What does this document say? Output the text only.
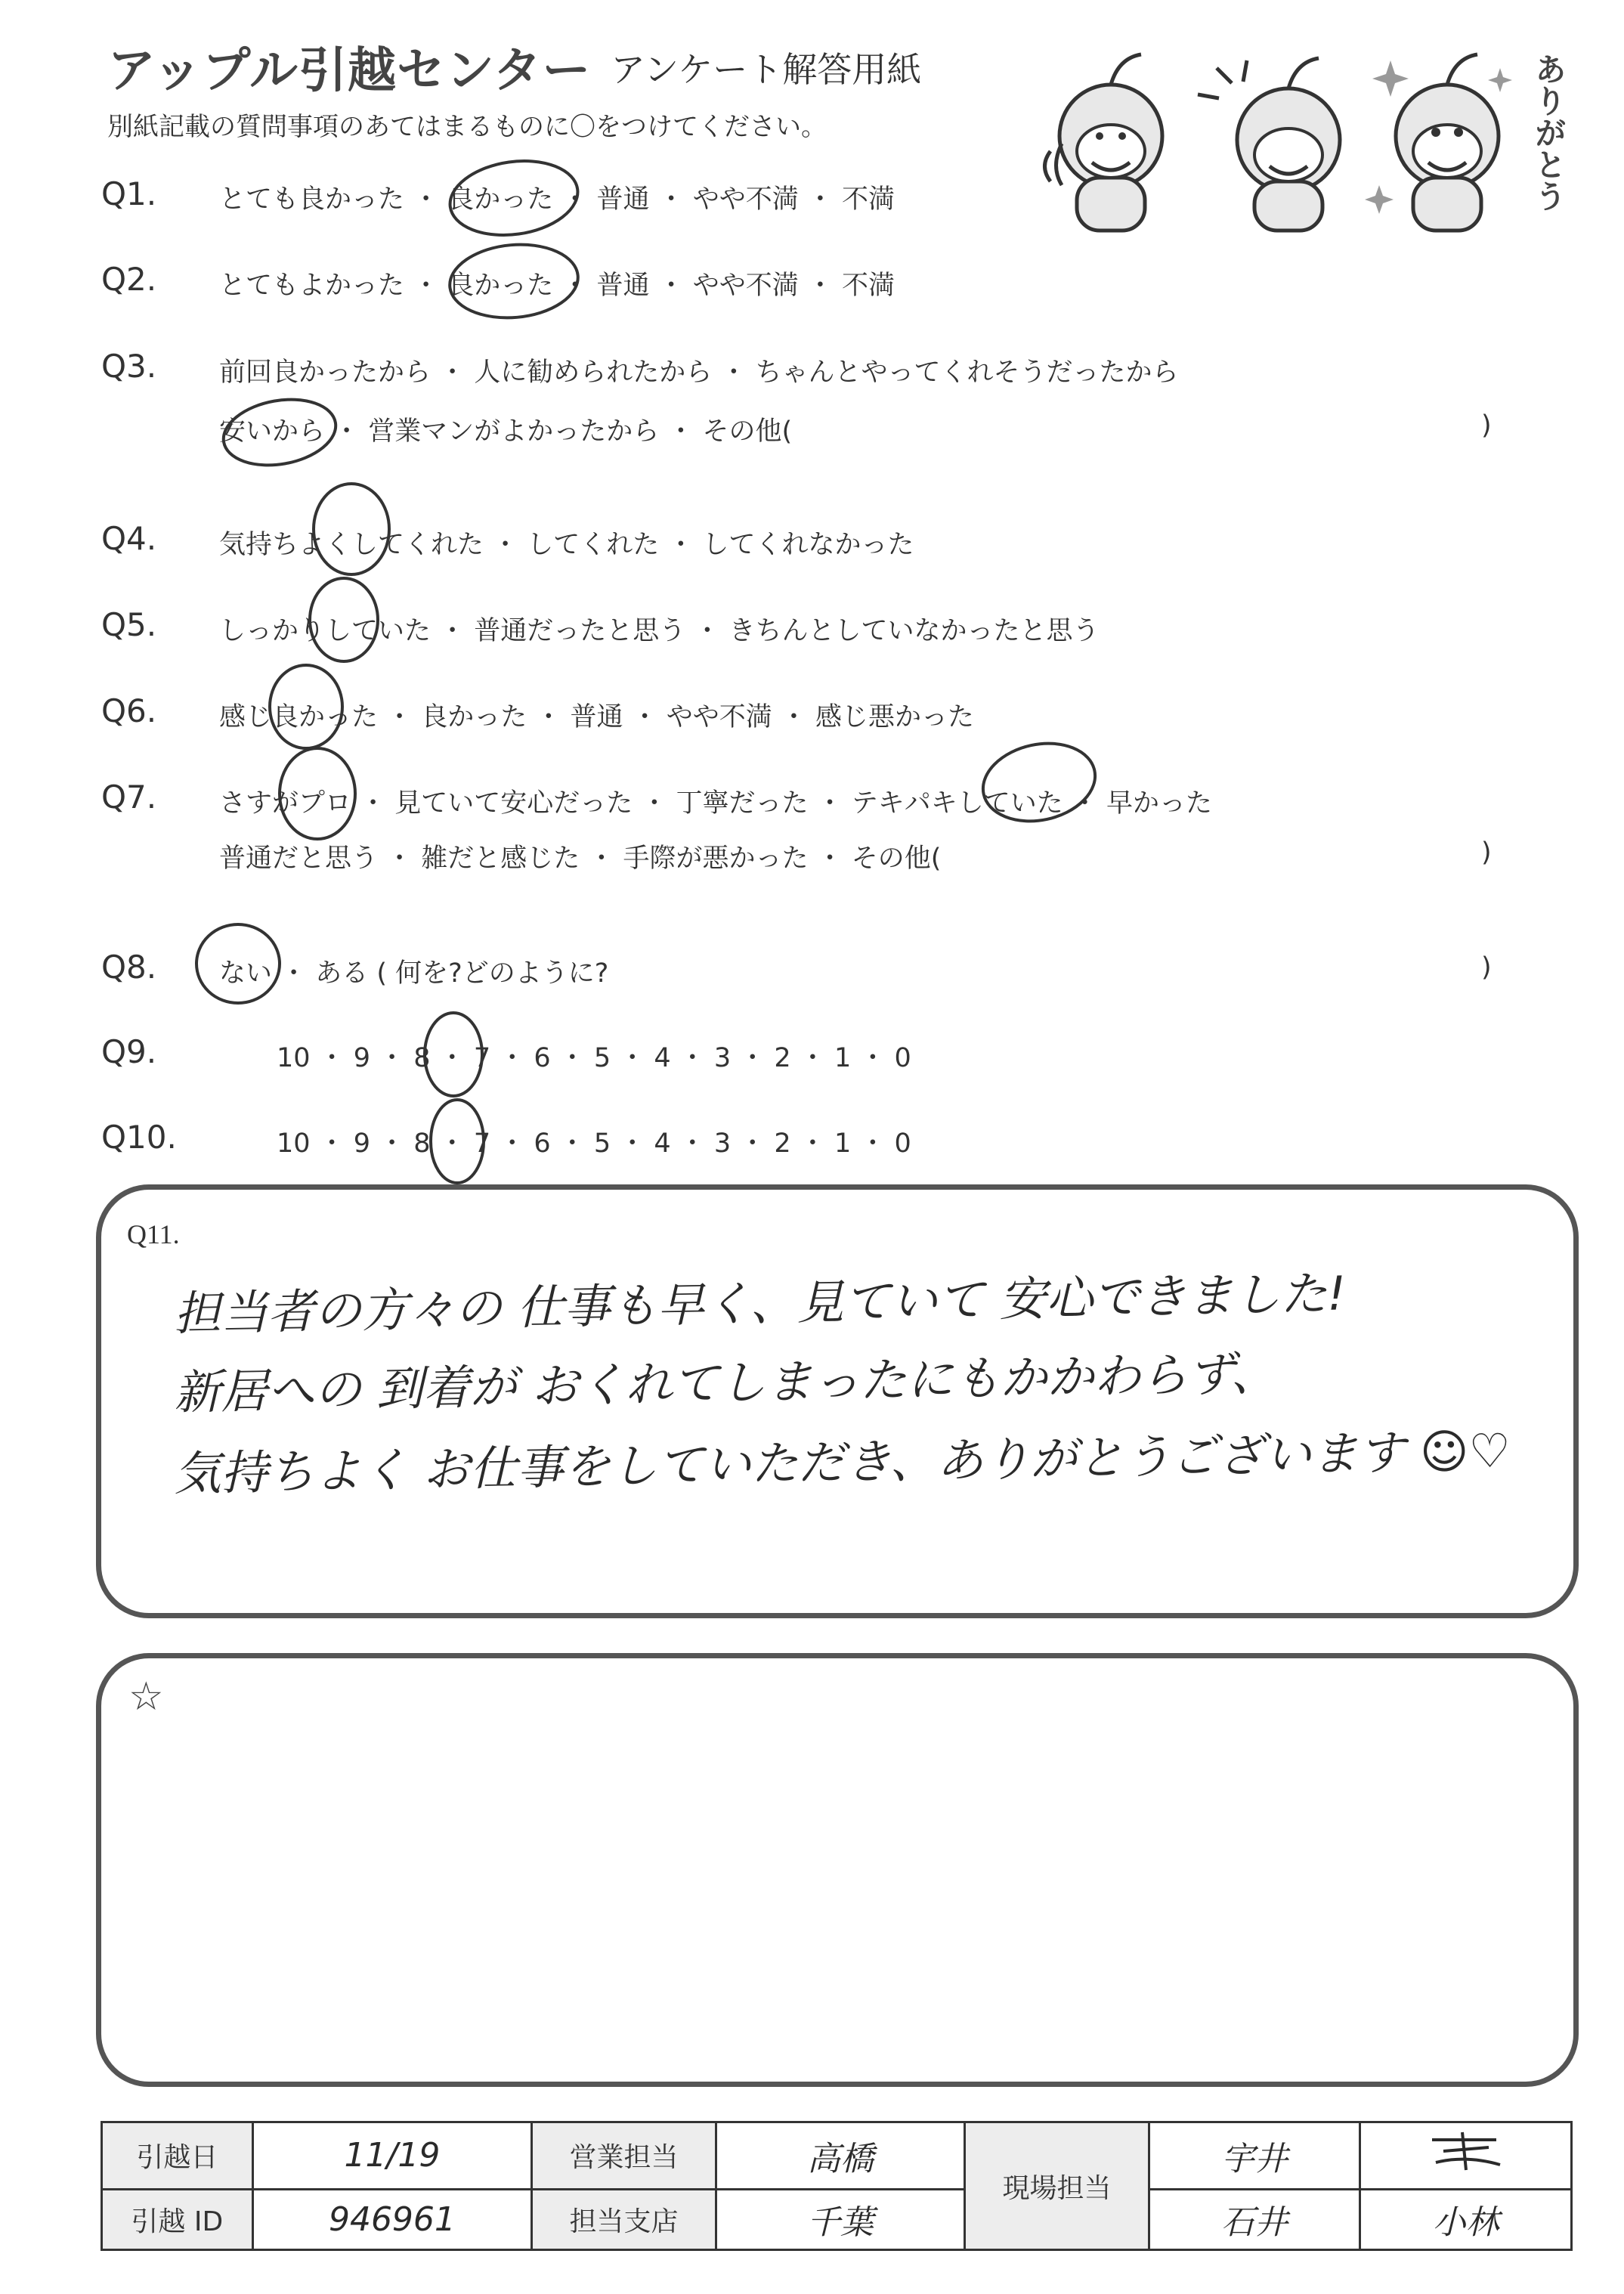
アップル引越センター アンケート解答用紙
別紙記載の質問事項のあてはまるものに〇をつけてください。	ありがとう
Q1. とても良かった ・ 良かった ・ 普通 ・ やや不満 ・ 不満
Q2. とてもよかった ・ 良かった ・ 普通 ・ やや不満 ・ 不満
Q3. 前回良かったから ・ 人に勧められたから ・ ちゃんとやってくれそうだったから
安いから ・ 営業マンがよかったから ・ その他(	)
Q4. 気持ちよくしてくれた ・ してくれた ・ してくれなかった
Q5. しっかりしていた ・ 普通だったと思う ・ きちんとしていなかったと思う
Q6. 感じ良かった ・ 良かった ・ 普通 ・ やや不満 ・ 感じ悪かった
Q7. さすがプロ ・ 見ていて安心だった ・ 丁寧だった ・ テキパキしていた ・ 早かった
普通だと思う ・ 雑だと感じた ・ 手際が悪かった ・ その他(	)
Q8. ない ・ ある ( 何を?どのように?	)
Q9.	10 ・ 9 ・ 8 ・ 7 ・ 6 ・ 5 ・ 4 ・ 3 ・ 2 ・ 1 ・ 0
Q10.	10 ・ 9 ・ 8 ・ 7 ・ 6 ・ 5 ・ 4 ・ 3 ・ 2 ・ 1 ・ 0
Q11.
担当者の方々の 仕事も早く、見ていて 安心できました!
新居への 到着が おくれてしまったにもかかわらず、
気持ちよく お仕事をしていただき、ありがとうございます ☺♡
☆
引越日	11/19	営業担当	高橋	現場担当	宇井	
引越 ID	946961	担当支店	千葉		石井	小林
